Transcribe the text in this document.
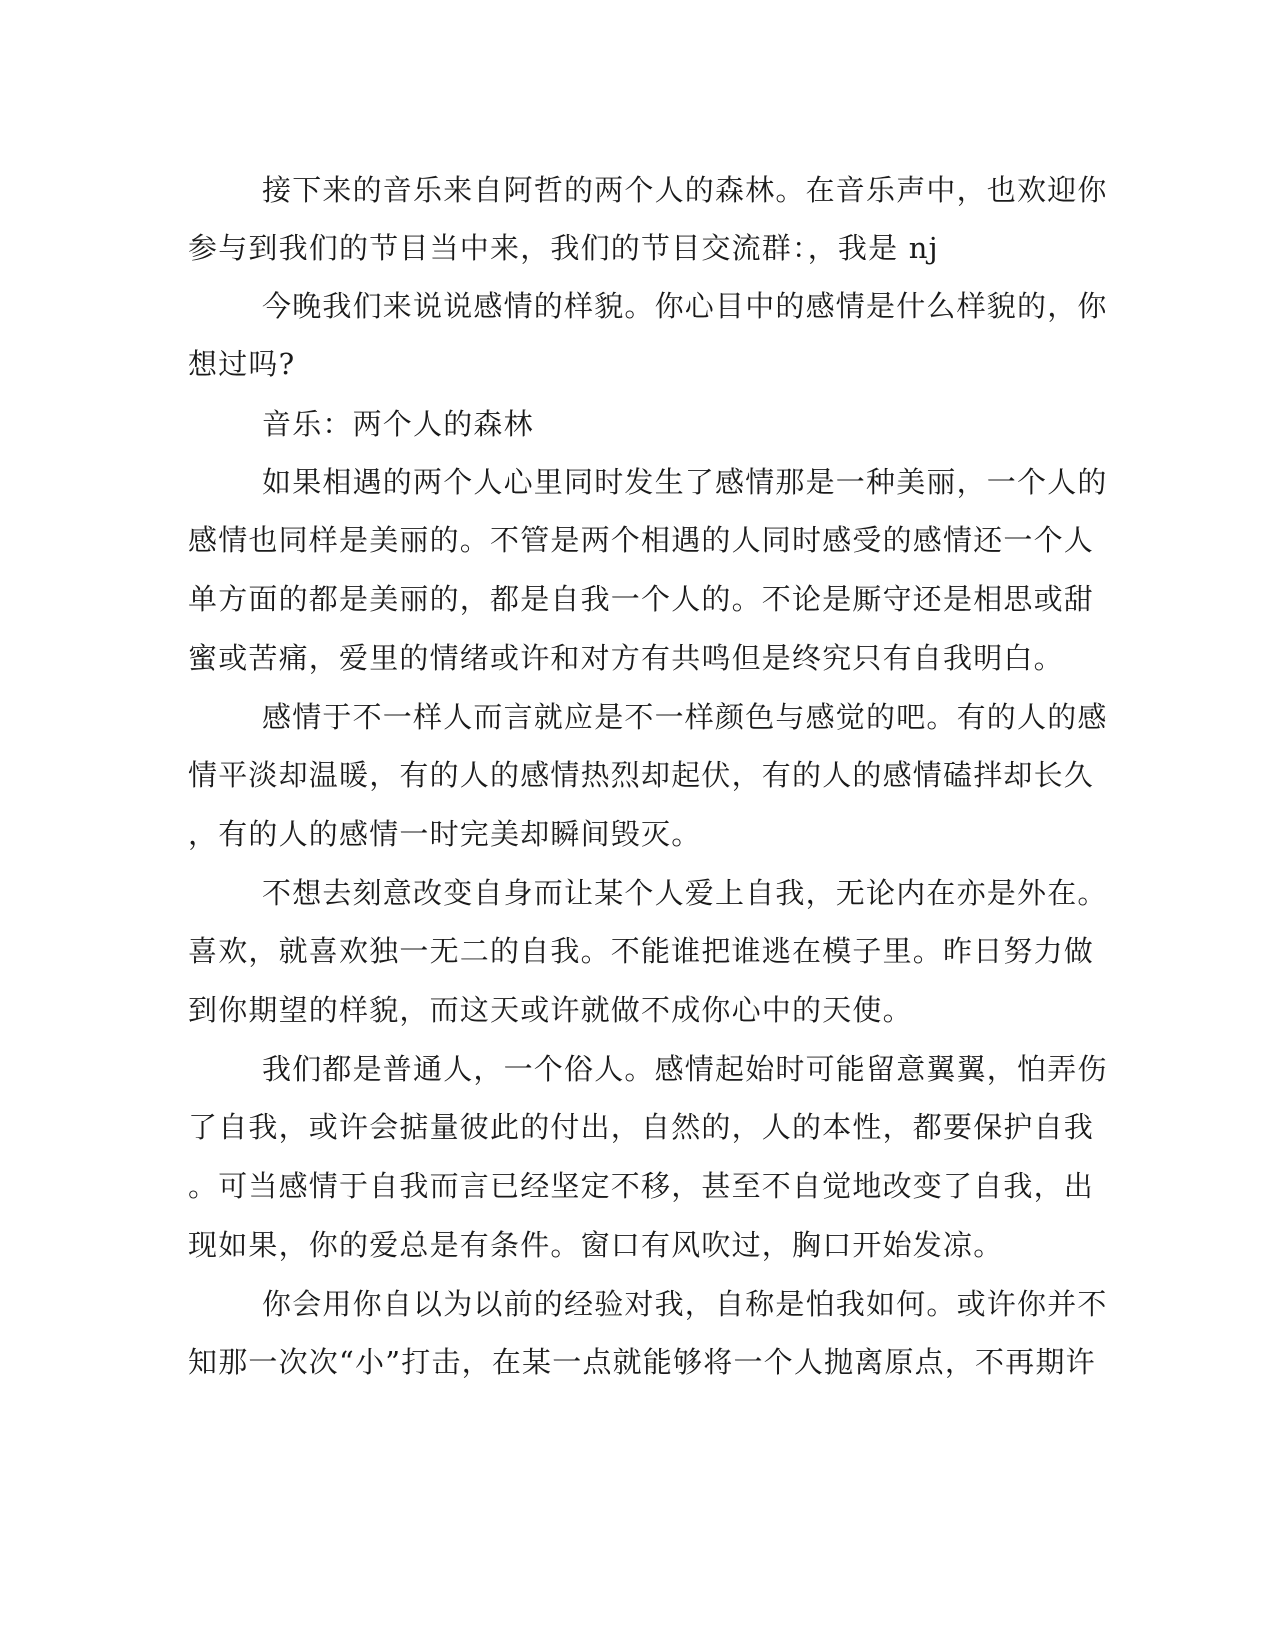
接下来的音乐来自阿哲的两个人的森林。在音乐声中，也欢迎你
参与到我们的节目当中来，我们的节目交流群：，我是 nj
今晚我们来说说感情的样貌。你心目中的感情是什么样貌的，你
想过吗?
音乐：两个人的森林
如果相遇的两个人心里同时发生了感情那是一种美丽，一个人的
感情也同样是美丽的。不管是两个相遇的人同时感受的感情还一个人
单方面的都是美丽的，都是自我一个人的。不论是厮守还是相思或甜
蜜或苦痛，爱里的情绪或许和对方有共鸣但是终究只有自我明白。
感情于不一样人而言就应是不一样颜色与感觉的吧。有的人的感
情平淡却温暖，有的人的感情热烈却起伏，有的人的感情磕拌却长久
，有的人的感情一时完美却瞬间毁灭。
不想去刻意改变自身而让某个人爱上自我，无论内在亦是外在。
喜欢，就喜欢独一无二的自我。不能谁把谁逃在模子里。昨日努力做
到你期望的样貌，而这天或许就做不成你心中的天使。
我们都是普通人，一个俗人。感情起始时可能留意翼翼，怕弄伤
了自我，或许会掂量彼此的付出，自然的，人的本性，都要保护自我
。可当感情于自我而言已经坚定不移，甚至不自觉地改变了自我，出
现如果，你的爱总是有条件。窗口有风吹过，胸口开始发凉。
你会用你自以为以前的经验对我，自称是怕我如何。或许你并不
知那一次次“小”打击，在某一点就能够将一个人抛离原点，不再期许
